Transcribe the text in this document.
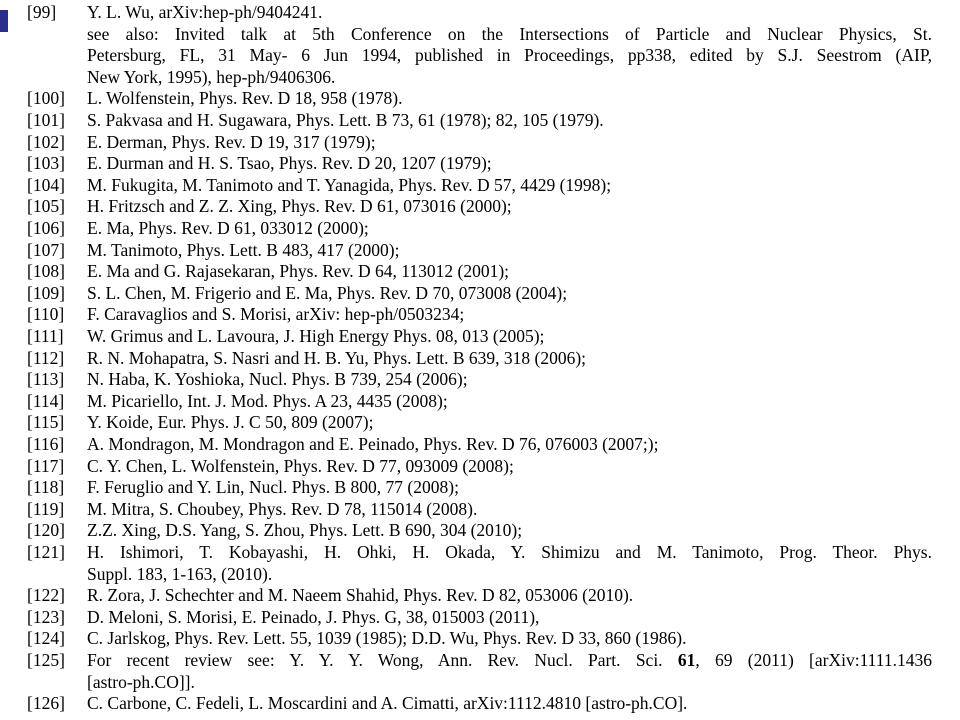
[99] Y. L. Wu, arXiv:hep-ph/9404241.
see also: Invited talk at 5th Conference on the Intersections of Particle and Nuclear Physics, St.
Petersburg, FL, 31 May- 6 Jun 1994, published in Proceedings, pp338, edited by S.J. Seestrom (AIP,
New York, 1995), hep-ph/9406306.
[100] L. Wolfenstein, Phys. Rev. D 18, 958 (1978).
[101] S. Pakvasa and H. Sugawara, Phys. Lett. B 73, 61 (1978); 82, 105 (1979).
[102] E. Derman, Phys. Rev. D 19, 317 (1979);
[103] E. Durman and H. S. Tsao, Phys. Rev. D 20, 1207 (1979);
[104] M. Fukugita, M. Tanimoto and T. Yanagida, Phys. Rev. D 57, 4429 (1998);
[105] H. Fritzsch and Z. Z. Xing, Phys. Rev. D 61, 073016 (2000);
[106] E. Ma, Phys. Rev. D 61, 033012 (2000);
[107] M. Tanimoto, Phys. Lett. B 483, 417 (2000);
[108] E. Ma and G. Rajasekaran, Phys. Rev. D 64, 113012 (2001);
[109] S. L. Chen, M. Frigerio and E. Ma, Phys. Rev. D 70, 073008 (2004);
[110] F. Caravaglios and S. Morisi, arXiv: hep-ph/0503234;
[111] W. Grimus and L. Lavoura, J. High Energy Phys. 08, 013 (2005);
[112] R. N. Mohapatra, S. Nasri and H. B. Yu, Phys. Lett. B 639, 318 (2006);
[113] N. Haba, K. Yoshioka, Nucl. Phys. B 739, 254 (2006);
[114] M. Picariello, Int. J. Mod. Phys. A 23, 4435 (2008);
[115] Y. Koide, Eur. Phys. J. C 50, 809 (2007);
[116] A. Mondragon, M. Mondragon and E. Peinado, Phys. Rev. D 76, 076003 (2007;);
[117] C. Y. Chen, L. Wolfenstein, Phys. Rev. D 77, 093009 (2008);
[118] F. Feruglio and Y. Lin, Nucl. Phys. B 800, 77 (2008);
[119] M. Mitra, S. Choubey, Phys. Rev. D 78, 115014 (2008).
[120] Z.Z. Xing, D.S. Yang, S. Zhou, Phys. Lett. B 690, 304 (2010);
[121] H. Ishimori, T. Kobayashi, H. Ohki, H. Okada, Y. Shimizu and M. Tanimoto, Prog. Theor. Phys.
Suppl. 183, 1-163, (2010).
[122] R. Zora, J. Schechter and M. Naeem Shahid, Phys. Rev. D 82, 053006 (2010).
[123] D. Meloni, S. Morisi, E. Peinado, J. Phys. G, 38, 015003 (2011),
[124] C. Jarlskog, Phys. Rev. Lett. 55, 1039 (1985); D.D. Wu, Phys. Rev. D 33, 860 (1986).
[125] For recent review see: Y. Y. Y. Wong, Ann. Rev. Nucl. Part. Sci. 61, 69 (2011) [arXiv:1111.1436
[astro-ph.CO]].
[126] C. Carbone, C. Fedeli, L. Moscardini and A. Cimatti, arXiv:1112.4810 [astro-ph.CO].
